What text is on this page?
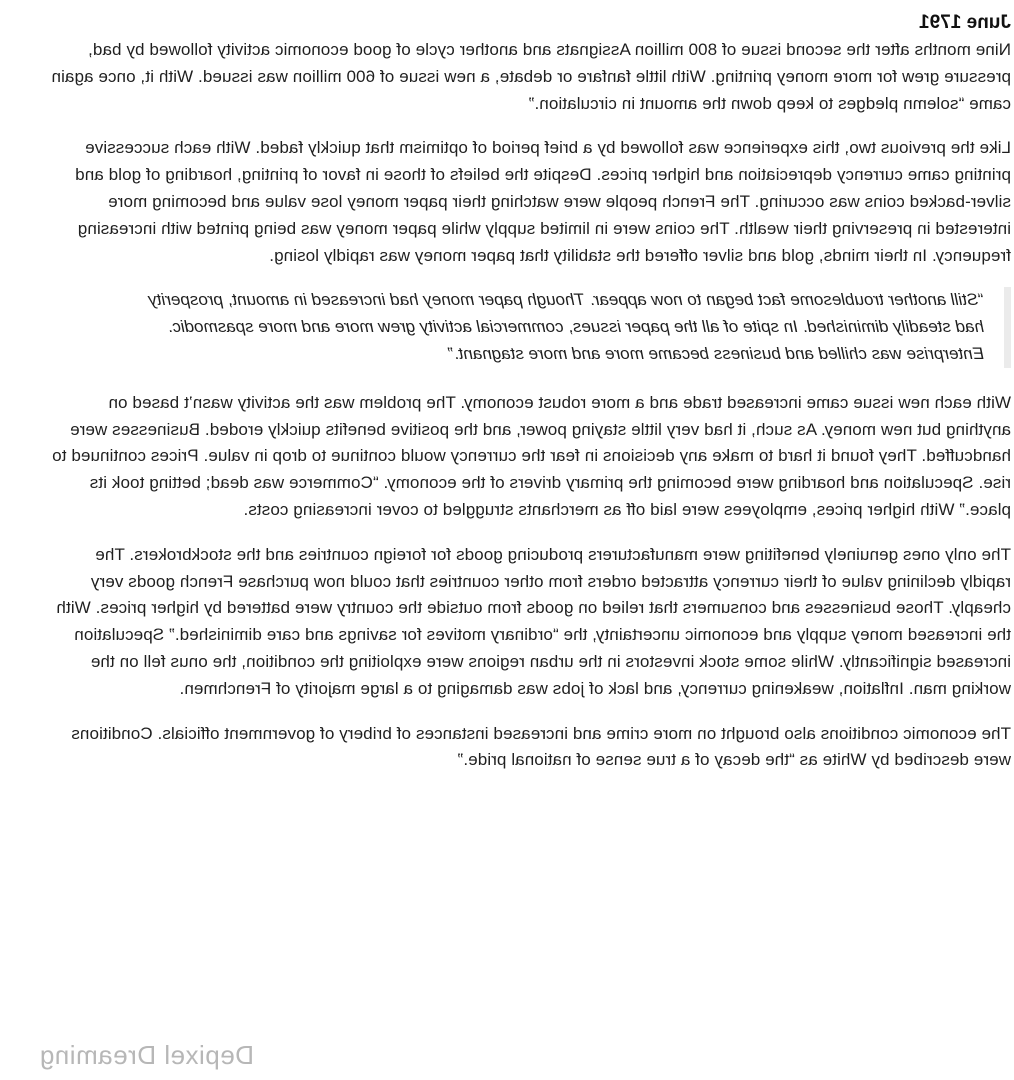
June 1791

Nine months after the second issue of 800 million Assignats and another cycle of good economic activity followed by bad, pressure grew for more money printing. With little fanfare or debate, a new issue of 600 million was issued. With it, once again came “solemn pledges to keep down the amount in circulation.”

Like the previous two, this experience was followed by a brief period of optimism that quickly faded. With each successive printing came currency depreciation and higher prices. Despite the beliefs of those in favor of printing, hoarding of gold and silver-backed coins was occuring. The French people were watching their paper money lose value and becoming more interested in preserving their wealth. The coins were in limited supply while paper money was being printed with increasing frequency. In their minds, gold and silver offered the stability that paper money was rapidly losing.

“Still another troublesome fact began to now appear. Though paper money had increased in amount, prosperity had steadily diminished. In spite of all the paper issues, commercial activity grew more and more spasmodic. Enterprise was chilled and business became more and more stagnant.”

With each new issue came increased trade and a more robust economy. The problem was the activity wasn’t based on anything but new money. As such, it had very little staying power, and the positive benefits quickly eroded. Businesses were handcuffed. They found it hard to make any decisions in fear the currency would continue to drop in value. Prices continued to rise. Speculation and hoarding were becoming the primary drivers of the economy. “Commerce was dead; betting took its place.” With higher prices, employees were laid off as merchants struggled to cover increasing costs.

The only ones genuinely benefiting were manufacturers producing goods for foreign countries and the stockbrokers. The rapidly declining value of their currency attracted orders from other countries that could now purchase French goods very cheaply. Those businesses and consumers that relied on goods from outside the country were battered by higher prices. With the increased money supply and economic uncertainty, the “ordinary motives for savings and care diminished.” Speculation increased significantly. While some stock investors in the urban regions were exploiting the condition, the onus fell on the working man. Inflation, weakening currency, and lack of jobs was damaging to a large majority of Frenchmen.

The economic conditions also brought on more crime and increased instances of bribery of government officials. Conditions were described by White as “the decay of a true sense of national pride.”

Depixel Dreaming
